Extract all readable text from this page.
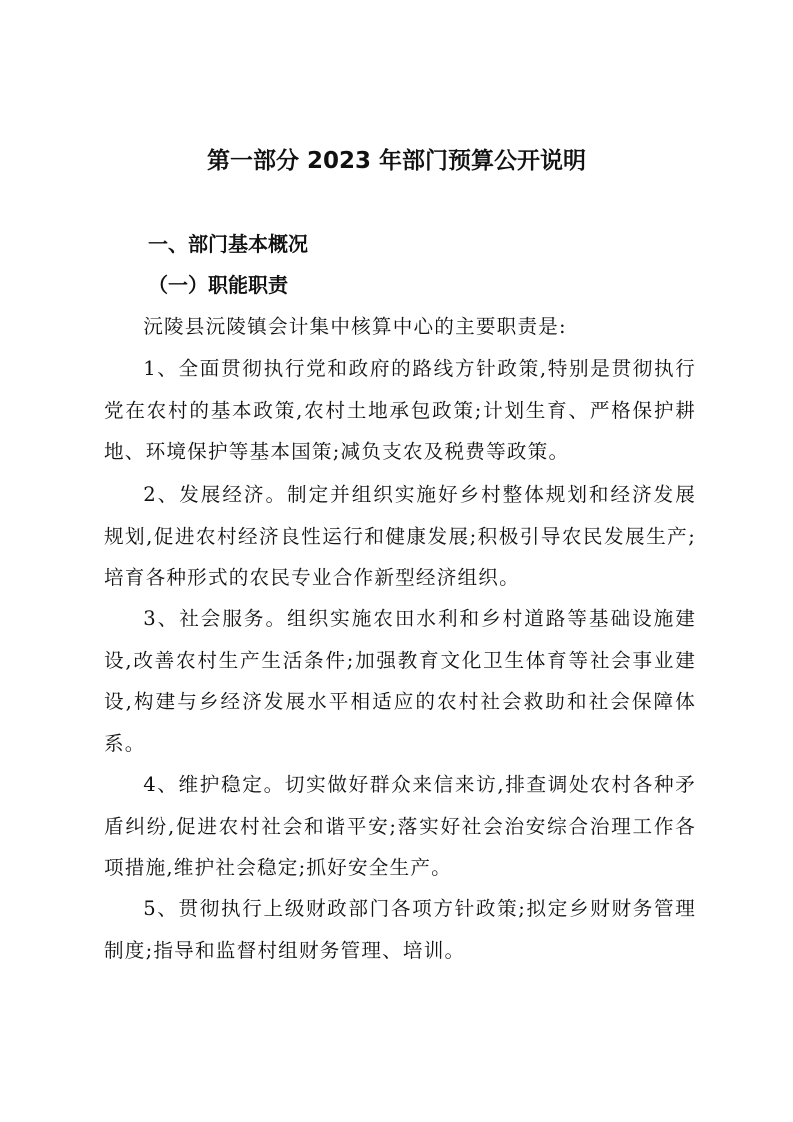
第一部分 2023 年部门预算公开说明
一、部门基本概况
（一）职能职责

沅陵县沅陵镇会计集中核算中心的主要职责是:

1、全面贯彻执行党和政府的路线方针政策,特别是贯彻执行党在农村的基本政策,农村土地承包政策;计划生育、严格保护耕地、环境保护等基本国策;减负支农及税费等政策。

2、发展经济。制定并组织实施好乡村整体规划和经济发展规划,促进农村经济良性运行和健康发展;积极引导农民发展生产;培育各种形式的农民专业合作新型经济组织。

3、社会服务。组织实施农田水利和乡村道路等基础设施建设,改善农村生产生活条件;加强教育文化卫生体育等社会事业建设,构建与乡经济发展水平相适应的农村社会救助和社会保障体系。

4、维护稳定。切实做好群众来信来访,排查调处农村各种矛盾纠纷,促进农村社会和谐平安;落实好社会治安综合治理工作各项措施,维护社会稳定;抓好安全生产。

5、贯彻执行上级财政部门各项方针政策;拟定乡财财务管理制度;指导和监督村组财务管理、培训。
